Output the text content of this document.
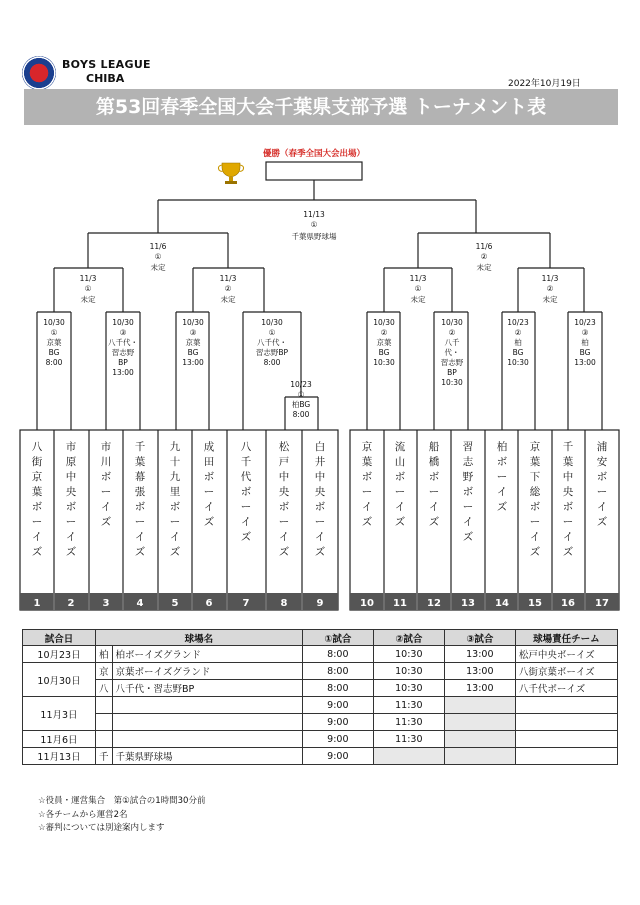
BOYS LEAGUE
CHIBA	2022年10月19日
第53回春季全国大会千葉県支部予選 トーナメント表
優勝（春季全国大会出場）
11/13
①
千葉県野球場
11/6
①
未定
11/6
②
未定
11/3
①
未定
11/3
②
未定
11/3
①
未定
11/3
②
未定
10/30
①
京葉
BG
8:00
10/30
③
八千代・
習志野
BP
13:00
10/30
③
京葉
BG
13:00
10/30
①
八千代・
習志野BP
8:00
10/23
①
柏BG
8:00
10/30
②
京葉
BG
10:30
10/30
②
八千
代・
習志野
BP
10:30
10/23
②
柏
BG
10:30
10/23
③
柏
BG
13:00
八
街
京
葉
ボ
ー
イ
ズ
市
原
中
央
ボ
ー
イ
ズ
市
川
ボ
ー
イ
ズ
千
葉
幕
張
ボ
ー
イ
ズ
九
十
九
里
ボ
ー
イ
ズ
成
田
ボ
ー
イ
ズ
八
千
代
ボ
ー
イ
ズ
松
戸
中
央
ボ
ー
イ
ズ
白
井
中
央
ボ
ー
イ
ズ
京
葉
ボ
ー
イ
ズ
流
山
ボ
ー
イ
ズ
船
橋
ボ
ー
イ
ズ
習
志
野
ボ
ー
イ
ズ
柏
ボ
ー
イ
ズ
京
葉
下
総
ボ
ー
イ
ズ
千
葉
中
央
ボ
ー
イ
ズ
浦
安
ボ
ー
イ
ズ
1	2	3	4	5	6	7	8	9	10 11 12 13 14 15 16 17
試合日	球場名		①試合	②試合	③試合	球場責任チーム
10月23日	柏	柏ボーイズグランド	8:00	10:30	13:00	松戸中央ボーイズ
10月30日	京	京葉ボーイズグランド	8:00	10:30	13:00	八街京葉ボーイズ
	八	八千代・習志野BP	8:00	10:30	13:00	八千代ボーイズ
11月3日			9:00	11:30		
			9:00	11:30		
11月6日			9:00	11:30		
11月13日	千	千葉県野球場	9:00			
☆役員・運営集合　第①試合の1時間30分前
☆各チームから運営2名
☆審判については別途案内します
